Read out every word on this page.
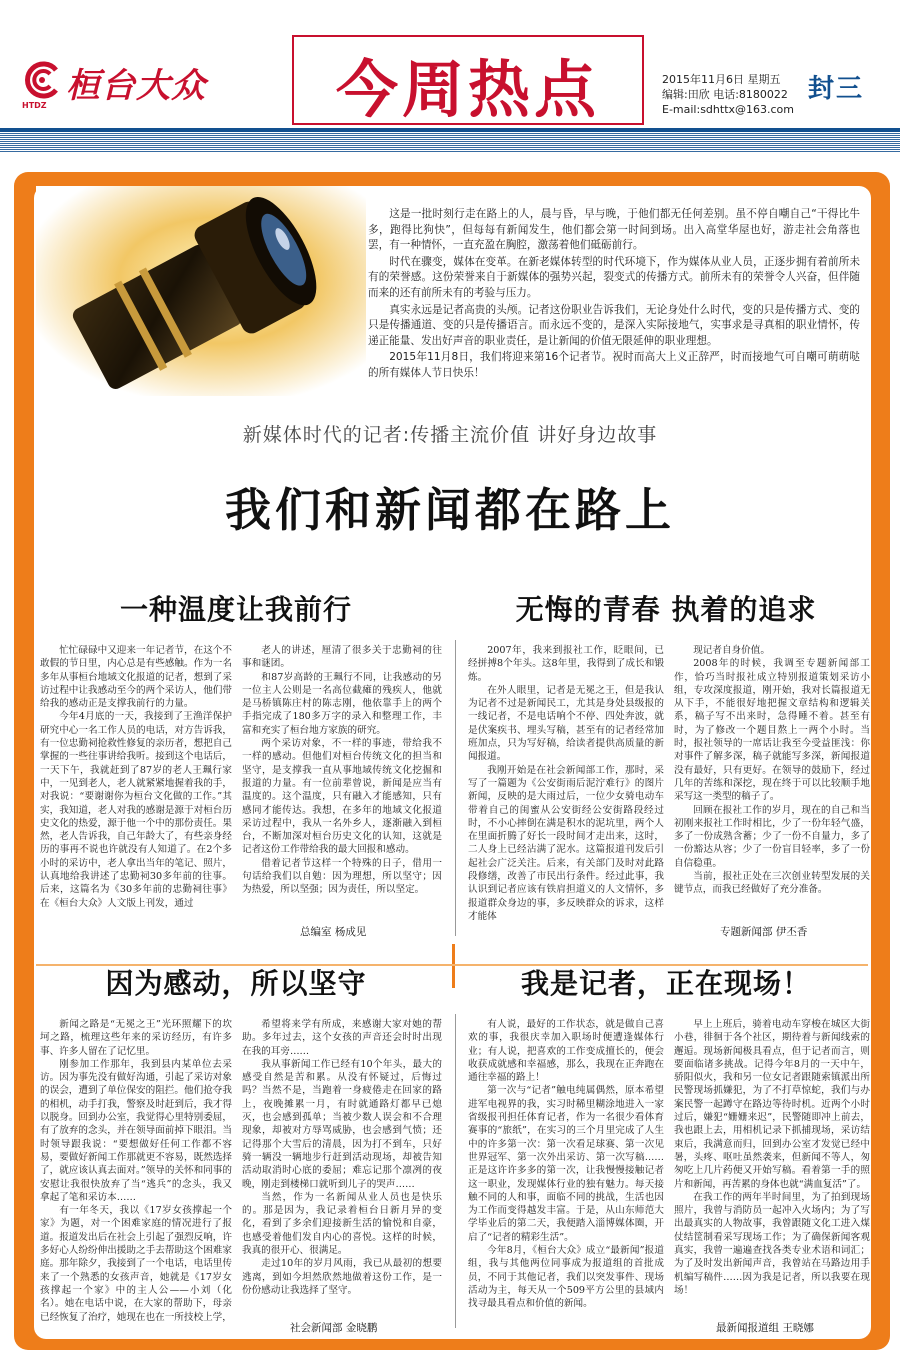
HTDZ 桓台大众	今周热点	2015年11月6日 星期五
编辑:田欣 电话:8180022
E-mail:sdhttx@163.com
封三

这是一批时刻行走在路上的人，晨与昏，早与晚，于他们都无任何差别。虽不停自嘲自己“干得比牛多，跑得比狗快”，但每每有新闻发生，他们都会第一时间到场。出入高堂华屋也好，游走社会角落也罢，有一种情怀，一直充盈在胸腔，激荡着他们砥砺前行。

时代在骤变，媒体在变革。在新老媒体转型的时代环境下，作为媒体从业人员，正逐步拥有着前所未有的荣誉感。这份荣誉来自于新媒体的强势兴起，裂变式的传播方式。前所未有的荣誉令人兴奋，但伴随而来的还有前所未有的考验与压力。

真实永远是记者高贵的头颅。记者这份职业告诉我们，无论身处什么时代，变的只是传播方式、变的只是传播通道、变的只是传播语言。而永远不变的，是深入实际接地气，实事求是寻真相的职业情怀，传递正能量、发出好声音的职业责任，是让新闻的价值无限延伸的职业理想。

2015年11月8日，我们将迎来第16个记者节。祝时而高大上义正辞严，时而接地气可自嘲可萌萌哒的所有媒体人节日快乐！

新媒体时代的记者:传播主流价值 讲好身边故事
我们和新闻都在路上
一种温度让我前行

忙忙碌碌中又迎来一年记者节，在这个不敢假的节日里，内心总是有些感触。作为一名多年从事桓台地域文化报道的记者，想到了采访过程中让我感动至今的两个采访人，他们带给我的感动正是支撑我前行的力量。

今年4月底的一天，我接到了王渔洋保护研究中心一名工作人员的电话，对方告诉我，有一位忠勤祠抢救性修复的亲历者，想把自己掌握的一些往事讲给我听。接到这个电话后，一天下午，我就赶到了87岁的老人王珮行家中，一见到老人，老人就紧紧地握着我的手，对我说：“要谢谢你为桓台文化做的工作。”其实，我知道，老人对我的感谢是源于对桓台历史文化的热爱，源于他一个中的那份责任。果然，老人告诉我，自己年龄大了，有些亲身经历的事再不说也许就没有人知道了。在2个多小时的采访中，老人拿出当年的笔记、照片，认真地给我讲述了忠勤祠30多年前的往事。后来，这篇名为《30多年前的忠勤祠往事》在《桓台大众》人文版上刊发，通过

老人的讲述，厘清了很多关于忠勤祠的往事和谜团。

和87岁高龄的王珮行不同，让我感动的另一位主人公则是一名高位截瘫的残疾人，他就是马桥镇陈庄村的陈志刚，他依靠手上的两个手指完成了180多万字的录入和整理工作，丰富和充实了桓台地方家族的研究。

两个采访对象，不一样的事迹，带给我不一样的感动。但他们对桓台传统文化的担当和坚守，是支撑我一直从事地域传统文化挖掘和报道的力量。有一位前辈曾说，新闻是应当有温度的。这个温度，只有融入才能感知，只有感同才能传达。我想，在多年的地域文化报道采访过程中，我从一名外乡人，逐渐融入到桓台，不断加深对桓台历史文化的认知，这就是记者这份工作带给我的最大回报和感动。

借着记者节这样一个特殊的日子，借用一句话给我们以自勉：因为理想，所以坚守；因为热爱，所以坚强；因为责任，所以坚定。

总编室 杨成见
无悔的青春 执着的追求

2007年，我来到报社工作，眨眼间，已经拼搏8个年头。这8年里，我得到了成长和锻炼。

在外人眼里，记者是无冕之王，但是我认为记者不过是新闻民工，尤其是身处县级报的一线记者，不是电话响个不停、四处奔波，就是伏案疾书、埋头写稿，甚至有的记者经常加班加点，只为写好稿，给读者提供高质量的新闻报道。

我刚开始是在社会新闻部工作，那时，采写了一篇题为《公安街雨后泥泞难行》的图片新闻，反映的是大雨过后，一位少女骑电动车带着自己的闺蜜从公安街经公安街路段经过时，不小心摔倒在满是积水的泥坑里，两个人在里面折腾了好长一段时间才走出来，这时，二人身上已经沾满了泥水。这篇报道刊发后引起社会广泛关注。后来，有关部门及时对此路段修缮，改善了市民出行条件。经过此事，我认识到记者应该有铁肩担道义的人文情怀，多报道群众身边的事，多反映群众的诉求，这样才能体

现记者自身价值。

2008年的时候，我调至专题新闻部工作，恰巧当时报社成立特别报道策划采访小组，专攻深度报道，刚开始，我对长篇报道无从下手，不能很好地把握文章结构和逻辑关系，稿子写不出来时，急得睡不着。甚至有时，为了修改一个题目熬上一两个小时。当时，报社领导的一席话让我至今受益匪浅：你对事件了解多深，稿子就能写多深，新闻报道没有最好，只有更好。在领导的鼓励下，经过几年的苦练和深挖，现在终于可以比较顺手地采写这一类型的稿子了。

回顾在报社工作的岁月，现在的自己和当初刚来报社工作时相比，少了一份年轻气盛，多了一份成熟含蓄；少了一份不自量力，多了一份豁达从容；少了一份盲目轻率，多了一份自信稳重。

当前，报社正处在三次创业转型发展的关键节点，而我已经做好了充分准备。

专题新闻部 伊丕香
因为感动，所以坚守

新闻之路是“无冕之王”光环照耀下的坎坷之路，梳理这些年来的采访经历，有许多事、许多人留在了记忆里。

刚参加工作那年，我到县内某单位去采访。因为事先没有做好沟通，引起了采访对象的误会，遭到了单位保安的阻拦。他们抢夺我的相机，动手打我，警察及时赶到后，我才得以脱身。回到办公室，我觉得心里特别委屈，有了放弃的念头，并在领导面前掉下眼泪。当时领导跟我说：“要想做好任何工作都不容易，要做好新闻工作那就更不容易，既然选择了，就应该认真去面对。”领导的关怀和同事的安慰让我很快放弃了当“逃兵”的念头，我又拿起了笔和采访本……

有一年冬天，我以《17岁女孩撑起一个家》为题，对一个困难家庭的情况进行了报道。报道发出后在社会上引起了强烈反响，许多好心人纷纷伸出援助之手去帮助这个困难家庭。那年除夕，我接到了一个电话，电话里传来了一个熟悉的女孩声音，她就是《17岁女孩撑起一个家》中的主人公——小刘（化名）。她在电话中说，在大家的帮助下，母亲已经恢复了治疗，她现在也在一所技校上学，

希望将来学有所成，来感谢大家对她的帮助。多年过去，这个女孩的声音还会时时出现在我的耳旁……

我从事新闻工作已经有10个年头，最大的感受自然是苦和累。从没有怀疑过，后悔过吗？当然不是，当跑着一身疲倦走在回家的路上，夜晚摊累一月，有时就通路灯都早已熄灭，也会感到孤单；当被少数人误会和不合理现象，却被对方辱骂威胁，也会感到气愤；还记得那个大雪后的清晨，因为打不到车，只好骑一辆没一辆地步行赶到活动现场，却被告知活动取消时心底的委屈；难忘记那个凛冽的夜晚，刚走到楼梯口就听到儿子的哭声……

当然，作为一名新闻从业人员也是快乐的。那是因为，我记录着桓台日新月异的变化，看到了多余们迎接新生活的愉悦和自豪，也感受着他们发自内心的喜悦。这样的时候，我真的很开心、很满足。

走过10年的岁月风雨，我已从最初的想要逃离，到如今坦然欣然地做着这份工作，是一份份感动让我选择了坚守。

社会新闻部 金晓鹏
我是记者，正在现场！

有人说，最好的工作状态，就是做自己喜欢的事，我很庆幸加入职场时便遭逢媒体行业；有人说，把喜欢的工作变成擅长的，便会收获成就感和幸福感，那么，我现在正奔跑在通往幸福的路上！

第一次与“记者”触电纯属偶然，原本希望进军电视界的我，实习时稀里糊涂地进入一家省级报刊担任体育记者，作为一名很少看体育赛事的“旅纸”，在实习的三个月里完成了人生中的许多第一次：第一次看足球赛、第一次见世界冠军、第一次外出采访、第一次写稿……正是这许许多多的第一次，让我慢慢接触记者这一职业，发现媒体行业的独有魅力。每天接触不同的人和事，面临不同的挑战，生活也因为工作而变得越发丰富。于是，从山东师范大学毕业后的第二天，我便踏入淄博媒体圈，开启了“记者的精彩生活”。

今年8月，《桓台大众》成立“最新闻”报道组，我与其他两位同事成为报道组的首批成员，不同于其他记者，我们以突发事件、现场活动为主，每天从一个509平方公里的县域内找寻最具看点和价值的新闻。

早上上班后，骑着电动车穿梭在城区大街小巷，徘徊于各个社区，期待着与新闻线索的邂逅。现场新闻极具看点，但于记者而言，则要面临诸多挑战。记得今年8月的一天中午，骄阳似火，我和另一位女记者跟随索镇派出所民警现场抓嫌犯，为了不打草惊蛇，我们与办案民警一起蹲守在路边等待时机。近两个小时过后，嫌犯“姗姗来迟”，民警随即冲上前去，我也跟上去，用相机记录下抓捕现场，采访结束后，我满意而归，回到办公室才发觉已经中暑，头疼、呕吐虽然袭来，但新闻不等人，匆匆吃上几片药便又开始写稿。看着第一手的照片和新闻，再苦累的身体也就“满血复活”了。

在我工作的两年半时间里，为了拍到现场照片，我曾与消防员一起冲入火场内；为了写出最真实的人物故事，我曾跟随文化工进入煤仗结筐制看采写现场工作；为了确保新闻客观真实，我曾一遍遍查找各类专业术语和词汇；为了及时发出新闻声音，我曾站在马路边用手机编写稿件……因为我是记者，所以我要在现场！

最新闻报道组 王晓娜
